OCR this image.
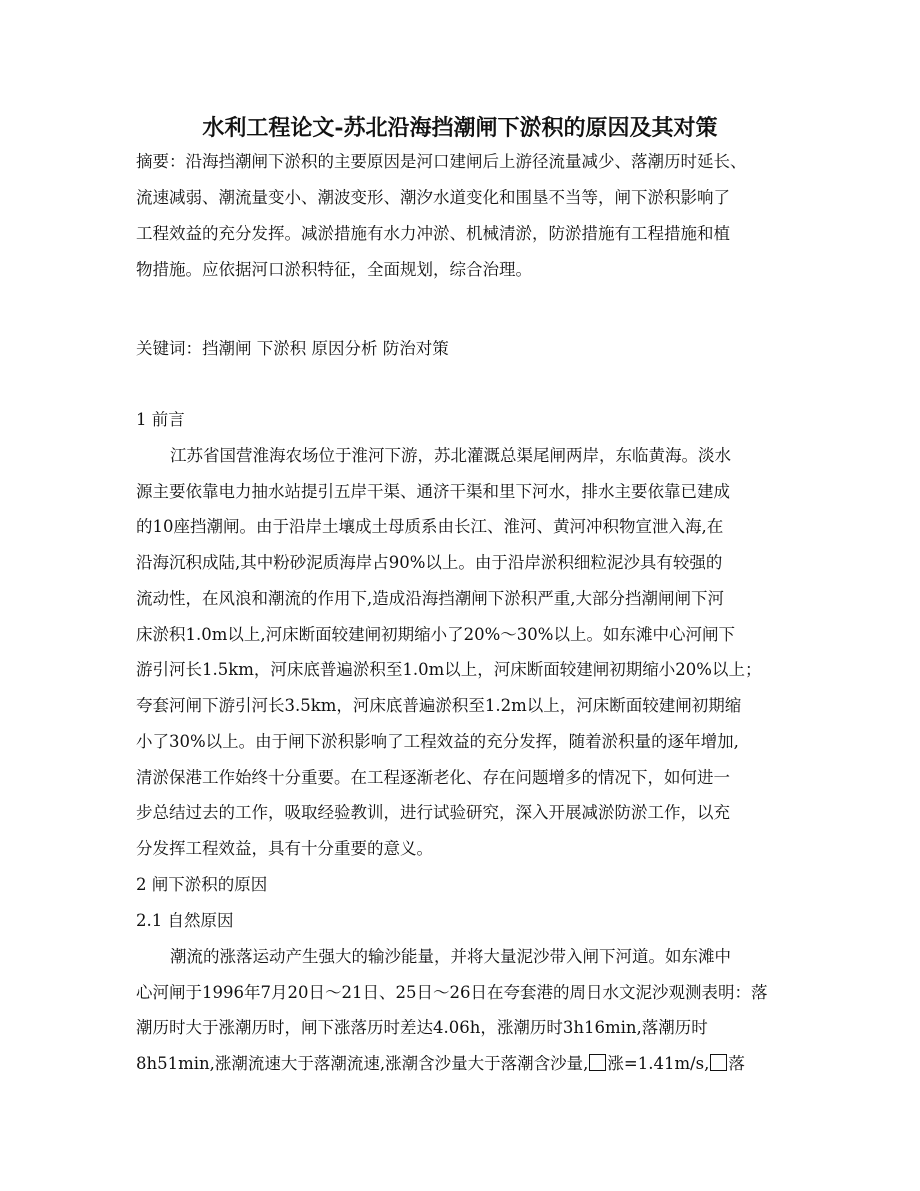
水利工程论文-苏北沿海挡潮闸下淤积的原因及其对策
摘要：沿海挡潮闸下淤积的主要原因是河口建闸后上游径流量减少、落潮历时延长、
流速减弱、潮流量变小、潮波变形、潮汐水道变化和围垦不当等，闸下淤积影响了
工程效益的充分发挥。减淤措施有水力冲淤、机械清淤，防淤措施有工程措施和植
物措施。应依据河口淤积特征，全面规划，综合治理。
关键词：挡潮闸 下淤积 原因分析 防治对策
1 前言
江苏省国营淮海农场位于淮河下游，苏北灌溉总渠尾闸两岸，东临黄海。淡水
源主要依靠电力抽水站提引五岸干渠、通济干渠和里下河水，排水主要依靠已建成
的10座挡潮闸。由于沿岸土壤成土母质系由长江、淮河、黄河冲积物宣泄入海,在
沿海沉积成陆,其中粉砂泥质海岸占90%以上。由于沿岸淤积细粒泥沙具有较强的
流动性，在风浪和潮流的作用下,造成沿海挡潮闸下淤积严重,大部分挡潮闸闸下河
床淤积1.0m以上,河床断面较建闸初期缩小了20%～30%以上。如东滩中心河闸下
游引河长1.5km，河床底普遍淤积至1.0m以上，河床断面较建闸初期缩小20%以上；
夸套河闸下游引河长3.5km，河床底普遍淤积至1.2m以上，河床断面较建闸初期缩
小了30%以上。由于闸下淤积影响了工程效益的充分发挥，随着淤积量的逐年增加,
清淤保港工作始终十分重要。在工程逐渐老化、存在问题增多的情况下，如何进一
步总结过去的工作，吸取经验教训，进行试验研究，深入开展减淤防淤工作，以充
分发挥工程效益，具有十分重要的意义。
2 闸下淤积的原因
2.1 自然原因
潮流的涨落运动产生强大的输沙能量，并将大量泥沙带入闸下河道。如东滩中
心河闸于1996年7月20日～21日、25日～26日在夸套港的周日水文泥沙观测表明：落
潮历时大于涨潮历时，闸下涨落历时差达4.06h，涨潮历时3h16min,落潮历时
8h51min,涨潮流速大于落潮流速,涨潮含沙量大于落潮含沙量, 涨=1.41m/s, 落
